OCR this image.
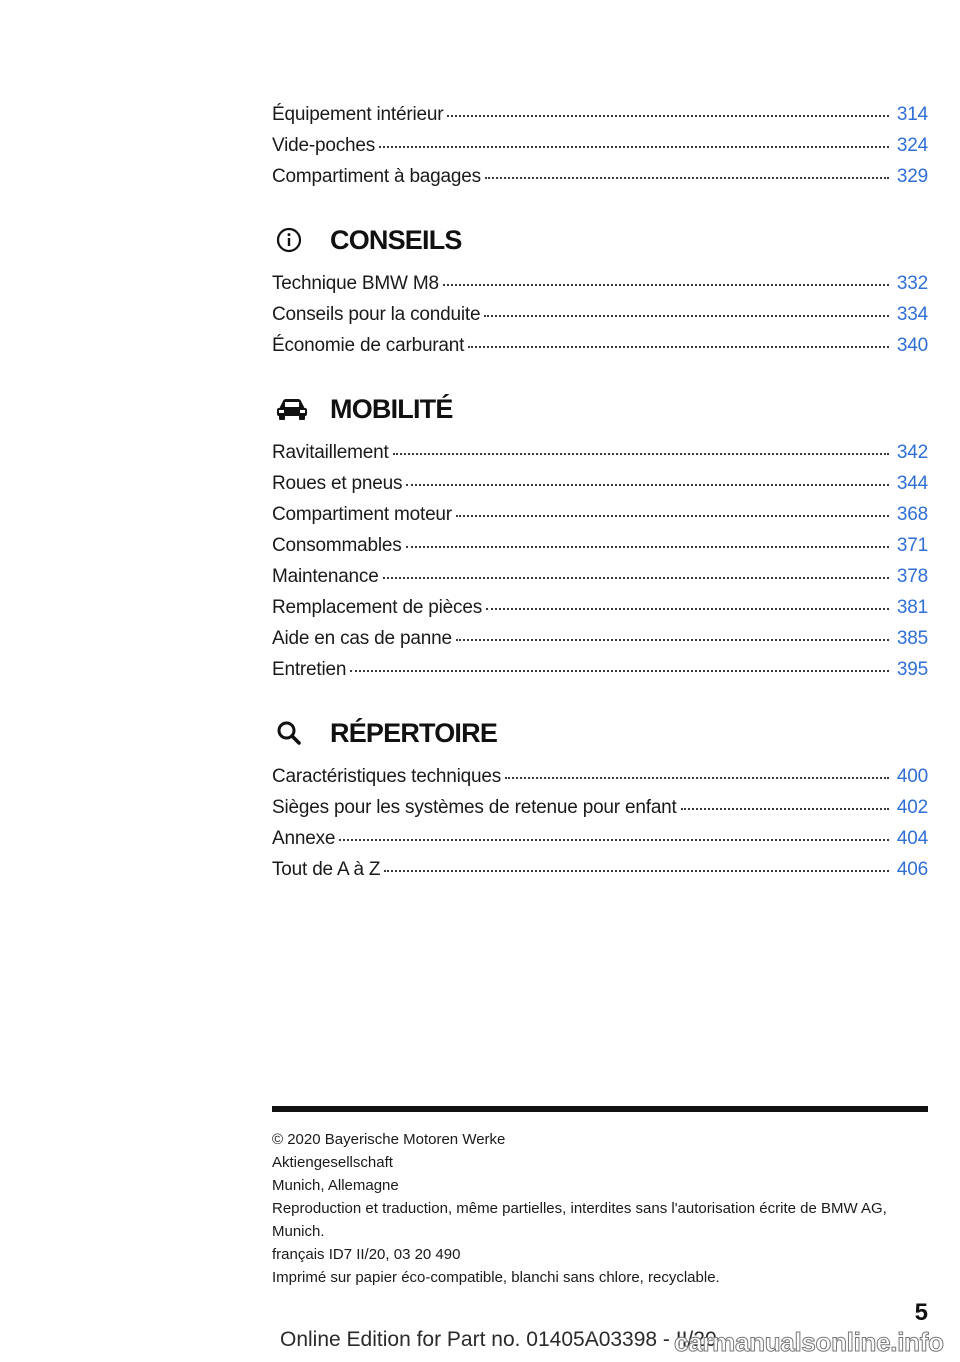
Équipement intérieur	314
Vide-poches	324
Compartiment à bagages	329
CONSEILS
Technique BMW M8	332
Conseils pour la conduite	334
Économie de carburant	340
MOBILITÉ
Ravitaillement	342
Roues et pneus	344
Compartiment moteur	368
Consommables	371
Maintenance	378
Remplacement de pièces	381
Aide en cas de panne	385
Entretien	395
RÉPERTOIRE
Caractéristiques techniques	400
Sièges pour les systèmes de retenue pour enfant	402
Annexe	404
Tout de A à Z	406
© 2020 Bayerische Motoren Werke
Aktiengesellschaft
Munich, Allemagne
Reproduction et traduction, même partielles, interdites sans l'autorisation écrite de BMW AG,
Munich.
français ID7 II/20, 03 20 490
Imprimé sur papier éco-compatible, blanchi sans chlore, recyclable.
5
Online Edition for Part no. 01405A03398 - II/20
carmanualsonline.info
